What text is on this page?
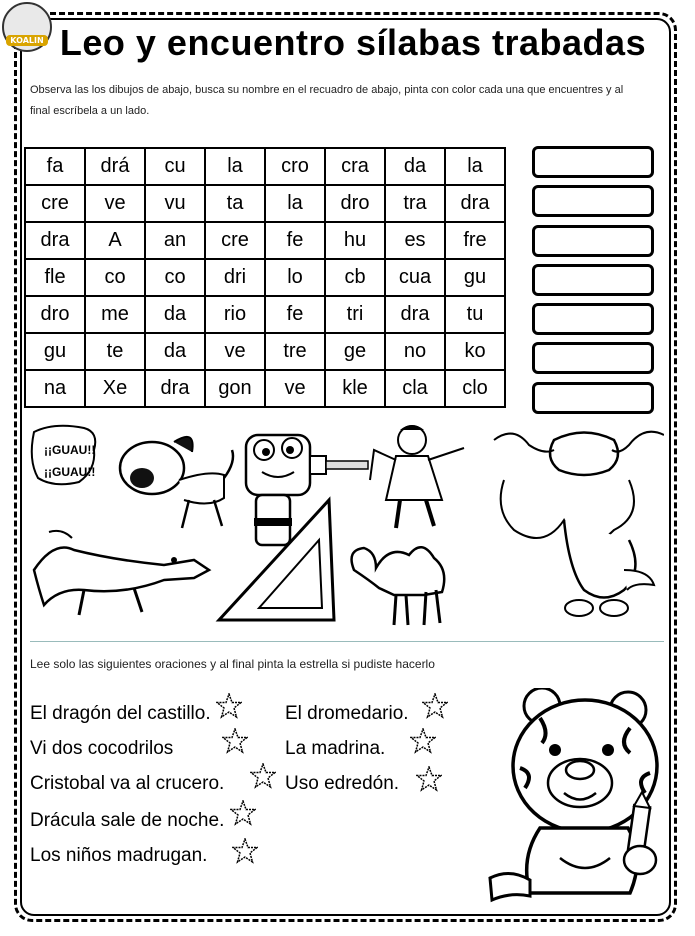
KOALIN Leo y encuentro sílabas trabadas
Observa las los dibujos de abajo, busca su nombre en el recuadro de abajo, pinta con color cada una que encuentres y al final escríbela a un lado.
fa	drá	cu	la	cro	cra	da	la
cre	ve	vu	ta	la	dro	tra	dra
dra	A	an	cre	fe	hu	es	fre
fle	co	co	dri	lo	cb	cua	gu
dro	me	da	rio	fe	tri	dra	tu
gu	te	da	ve	tre	ge	no	ko
na	Xe	dra	gon	ve	kle	cla	clo
¡¡GUAU!!
¡¡GUAU!!
Lee solo las siguientes oraciones y al final pinta la estrella si pudiste hacerlo
El dragón del castillo.
Vi dos cocodrilos
Cristobal va al crucero.
Drácula sale de noche.
Los niños madrugan.
El dromedario.
La madrina.
Uso edredón.
